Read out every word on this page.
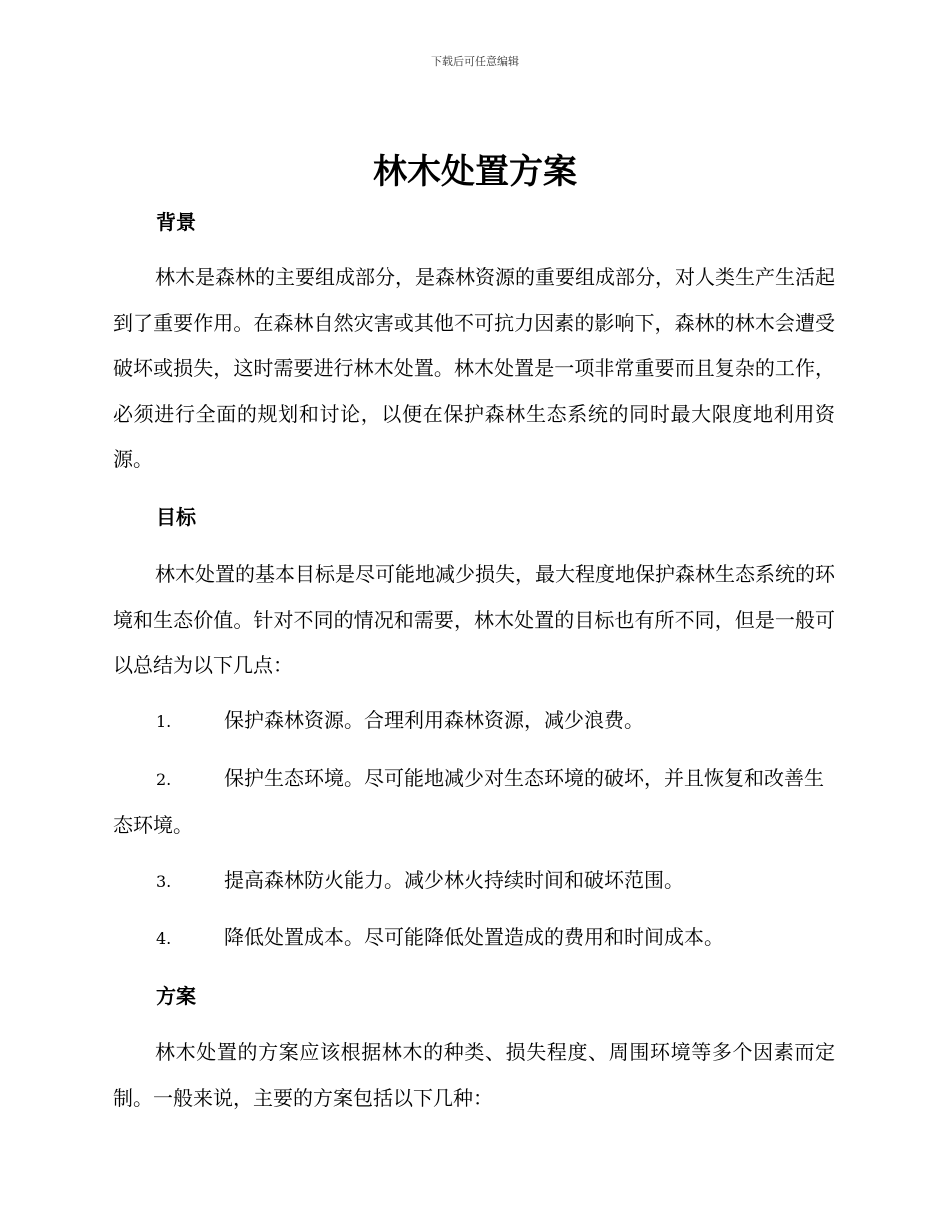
下载后可任意编辑
林木处置方案
背景

林木是森林的主要组成部分，是森林资源的重要组成部分，对人类生产生活起到了重要作用。在森林自然灾害或其他不可抗力因素的影响下，森林的林木会遭受破坏或损失，这时需要进行林木处置。林木处置是一项非常重要而且复杂的工作，必须进行全面的规划和讨论，以便在保护森林生态系统的同时最大限度地利用资源。

目标

林木处置的基本目标是尽可能地减少损失，最大程度地保护森林生态系统的环境和生态价值。针对不同的情况和需要，林木处置的目标也有所不同，但是一般可以总结为以下几点：

1.	保护森林资源。合理利用森林资源，减少浪费。

2.	保护生态环境。尽可能地减少对生态环境的破坏，并且恢复和改善生态环境。

3.	提高森林防火能力。减少林火持续时间和破坏范围。

4.	降低处置成本。尽可能降低处置造成的费用和时间成本。

方案

林木处置的方案应该根据林木的种类、损失程度、周围环境等多个因素而定制。一般来说，主要的方案包括以下几种：
